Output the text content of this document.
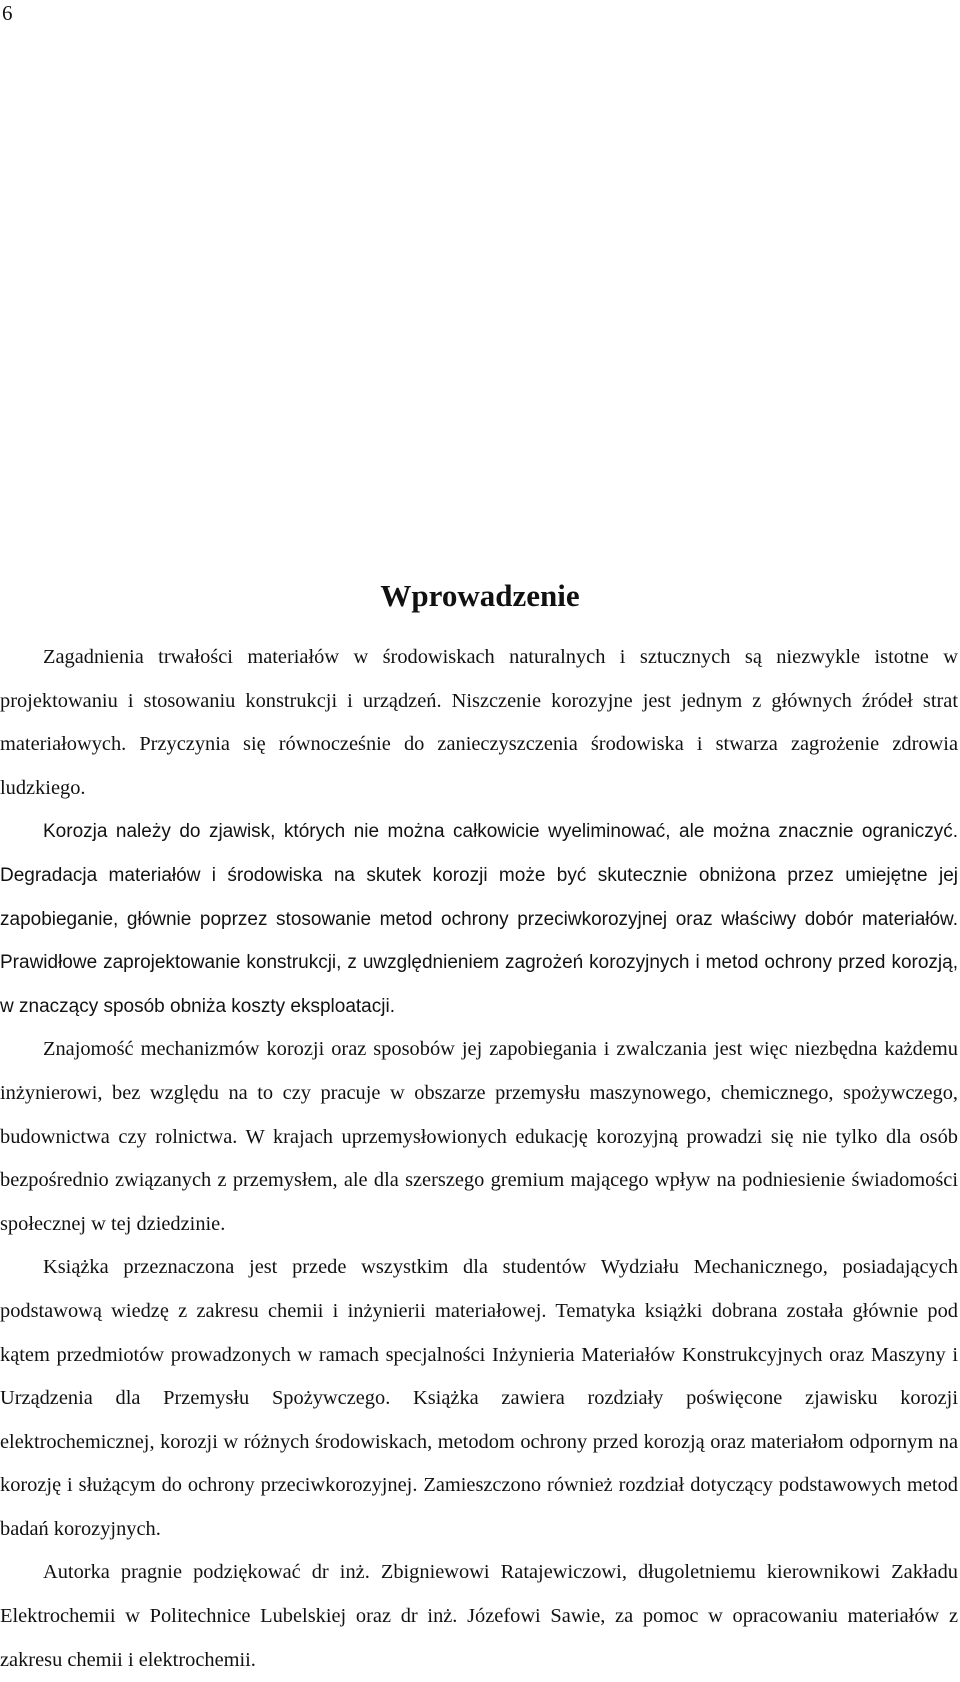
6
Wprowadzenie

Zagadnienia trwałości materiałów w środowiskach naturalnych i sztucznych są niezwykle istotne w projektowaniu i stosowaniu konstrukcji i urządzeń. Niszczenie korozyjne jest jednym z głównych źródeł strat materiałowych. Przyczynia się równocześnie do zanieczyszczenia środowiska i stwarza zagrożenie zdrowia ludzkiego.

Korozja należy do zjawisk, których nie można całkowicie wyeliminować, ale można znacznie ograniczyć. Degradacja materiałów i środowiska na skutek korozji może być skutecznie obniżona przez umiejętne jej zapobieganie, głównie poprzez stosowanie metod ochrony przeciwkorozyjnej oraz właściwy dobór materiałów. Prawidłowe zaprojektowanie konstrukcji, z uwzględnieniem zagrożeń korozyjnych i metod ochrony przed korozją, w znaczący sposób obniża koszty eksploatacji.

Znajomość mechanizmów korozji oraz sposobów jej zapobiegania i zwalczania jest więc niezbędna każdemu inżynierowi, bez względu na to czy pracuje w obszarze przemysłu maszynowego, chemicznego, spożywczego, budownictwa czy rolnictwa. W krajach uprzemysłowionych edukację korozyjną prowadzi się nie tylko dla osób bezpośrednio związanych z przemysłem, ale dla szerszego gremium mającego wpływ na podniesienie świadomości społecznej w tej dziedzinie.

Książka przeznaczona jest przede wszystkim dla studentów Wydziału Mechanicznego, posiadających podstawową wiedzę z zakresu chemii i inżynierii materiałowej. Tematyka książki dobrana została głównie pod kątem przedmiotów prowadzonych w ramach specjalności Inżynieria Materiałów Konstrukcyjnych oraz Maszyny i Urządzenia dla Przemysłu Spożywczego. Książka zawiera rozdziały poświęcone zjawisku korozji elektrochemicznej, korozji w różnych środowiskach, metodom ochrony przed korozją oraz materiałom odpornym na korozję i służącym do ochrony przeciwkorozyjnej. Zamieszczono również rozdział dotyczący podstawowych metod badań korozyjnych.

Autorka pragnie podziękować dr inż. Zbigniewowi Ratajewiczowi, długoletniemu kierownikowi Zakładu Elektrochemii w Politechnice Lubelskiej oraz dr inż. Józefowi Sawie, za pomoc w opracowaniu materiałów z zakresu chemii i elektrochemii.
